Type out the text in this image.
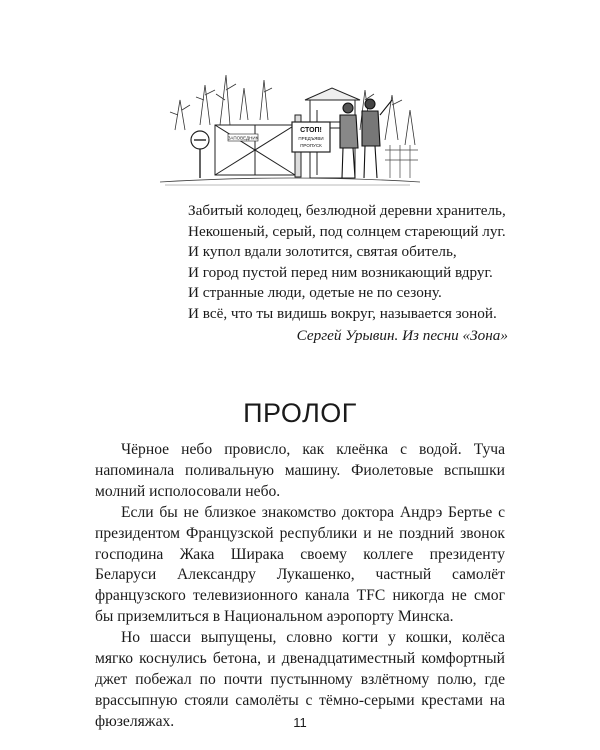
ЗАПОВЕДНИК
СТОП!
ПРЕДЪЯВИ
ПРОПУСК
Забитый колодец, безлюдной деревни хранитель,
Некошеный, серый, под солнцем стареющий луг.
И купол вдали золотится, святая обитель,
И город пустой перед ним возникающий вдруг.
И странные люди, одетые не по сезону.
И всё, что ты видишь вокруг, называется зоной.
Сергей Урывин. Из песни «Зона»
ПРОЛОГ

Чёрное небо провисло, как клеёнка с водой. Туча напоминала поливальную машину. Фиолетовые вспышки молний исполосовали небо.

Если бы не близкое знакомство доктора Андрэ Бертье с президентом Французской республики и не поздний звонок господина Жака Ширака своему коллеге президенту Беларуси Александру Лукашенко, частный самолёт французского телевизионного канала TFC никогда не смог бы приземлиться в Национальном аэропорту Минска.

Но шасси выпущены, словно когти у кошки, колёса мягко коснулись бетона, и двенадцатиместный комфортный джет побежал по почти пустынному взлётному полю, где врассыпную стояли самолёты с тёмно-серыми крестами на фюзеляжах.	11
